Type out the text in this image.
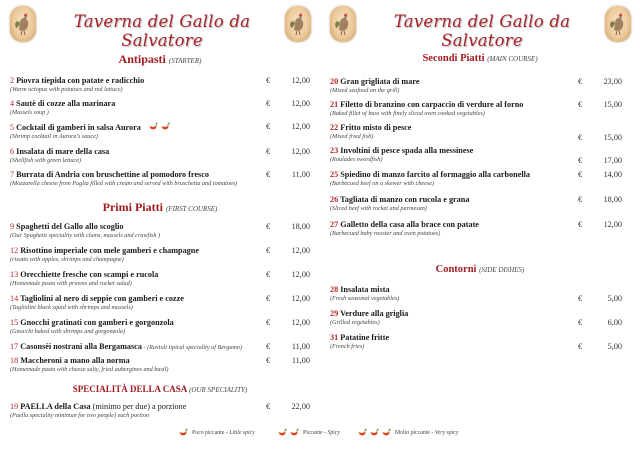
Taverna del Gallo da Salvatore
Antipasti (STARTER)
2 Piovra tiepida con patate e radicchio
(Warm octopus with potatoes and red lettuce)
€	12,00
4 Sautè di cozze alla marinara
(Mussels soup )
€	12,00
5 Cocktail di gamberi in salsa Aurora
(Shrimp cocktail in Aurora's sauce)
€	12,00
6 Insalata di mare della casa
(Shellfish with green lettuce)
€	12,00
7 Burrata di Andria con bruschettine al pomodoro fresco
(Mozzarella cheese from Puglia filled with cream and served with bruschetta and tomatoes)
€	11,00
Primi Piatti (FIRST COURSE)
9 Spaghetti del Gallo allo scoglio
(Our Spaghetti speciality with clams, mussels and crawfish )
€	18,00
12 Risottino imperiale con mele gamberi e champagne
(risotto with apples, shrimps and champagne)
€	12,00
13 Orecchiette fresche con scampi e rucola
(Homemade pasta with prawns and rocket salad)
€	12,00
14 Tagliolini al nero di seppie con gamberi e cozze
(Tagliolini black squid with shrimps and mussels)
€	12,00
15 Gnocchi gratinati con gamberi e gorgonzola
(Gnocchi baked with shrimps and gorgonzola)
€	12,00
17 Casonsèi nostrani alla Bergamasca - (Ravioli tipical speciality of Bergamo)	€	11,00
18 Maccheroni a mano alla norma
(Homemade pasta with cheese salty, fried aubergines and basil)
€	11,00
SPECIALITÀ DELLA CASA (OUR SPECIALITY)
19 PAELLA della Casa (minimo per due) a porzione
(Paella speciality minimun for two people) each portion
€	22,00
Taverna del Gallo da Salvatore
Secondi Piatti (MAIN COURSE)
20 Gran grigliata di mare
(Mixed seafood on the grill)
€	23,00
21 Filetto di branzino con carpaccio di verdure al forno
(Baked fillet of bass with finely sliced oven cooked vegetables)
€	15,00
22 Fritto misto di pesce
(Mixed fried fish)	€	15,00
23 Involtini di pesce spada alla messinese
(Roulades swordfish)	€	17,00
25 Spiedino di manzo farcito al formaggio alla carbonella
(Barbecued beef on a skewer with cheese)
€	14,00
26 Tagliata di manzo con rucola e grana
(Sliced beef with rocket and parmesan)
€	18,00
27 Galletto della casa alla brace con patate
(Barbecued baby rooster and oven potatoes)
€	12,00
Contorni (SIDE DISHES)
28 Insalata mista
(Fresh seasonal vegetables)	€	5,00
29 Verdure alla griglia
(Grilled vegetables)	€	6,00
31 Patatine fritte
(French fries)	€	5,00
Poco piccante - Little spicy	Piccante - Spicy	Molto piccante - Very spicy
